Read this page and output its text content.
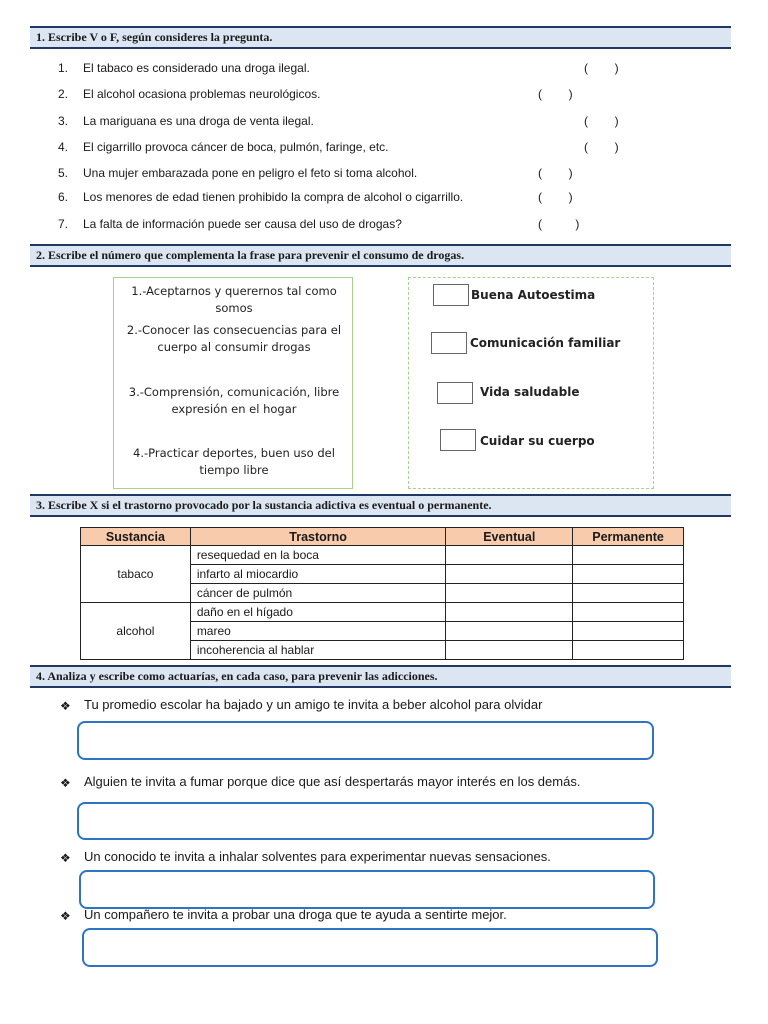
1. Escribe V o F, según consideres la pregunta.
1. El tabaco es considerado una droga ilegal.	(        )
2. El alcohol ocasiona problemas neurológicos.	(        )
3. La mariguana es una droga de venta ilegal.	(        )
4. El cigarrillo provoca cáncer de boca, pulmón, faringe, etc.	(        )
5. Una mujer embarazada pone en peligro el feto si toma alcohol.	(        )
6. Los menores de edad tienen prohibido la compra de alcohol o cigarrillo.	(        )
7. La falta de información puede ser causa del uso de drogas?	(          )
2. Escribe el número que complementa la frase para prevenir el consumo de drogas.
1.-Aceptarnos y querernos tal como
somos
2.-Conocer las consecuencias para el
cuerpo al consumir drogas
3.-Comprensión, comunicación, libre
expresión en el hogar
4.-Practicar deportes, buen uso del
tiempo libre
Buena Autoestima
Comunicación familiar
Vida saludable
Cuidar su cuerpo
3. Escribe X si el trastorno provocado por la sustancia adictiva es eventual o permanente.
Sustancia	Trastorno	Eventual	Permanente
tabaco	resequedad en la boca		
	infarto al miocardio		
	cáncer de pulmón		
alcohol	daño en el hígado		
	mareo		
	incoherencia al hablar		
4. Analiza y escribe como actuarías, en cada caso, para prevenir las adicciones.
❖ Tu promedio escolar ha bajado y un amigo te invita a beber alcohol para olvidar
❖ Alguien te invita a fumar porque dice que así despertarás mayor interés en los demás.
❖ Un conocido te invita a inhalar solventes para experimentar nuevas sensaciones.
❖ Un compañero te invita a probar una droga que te ayuda a sentirte mejor.
